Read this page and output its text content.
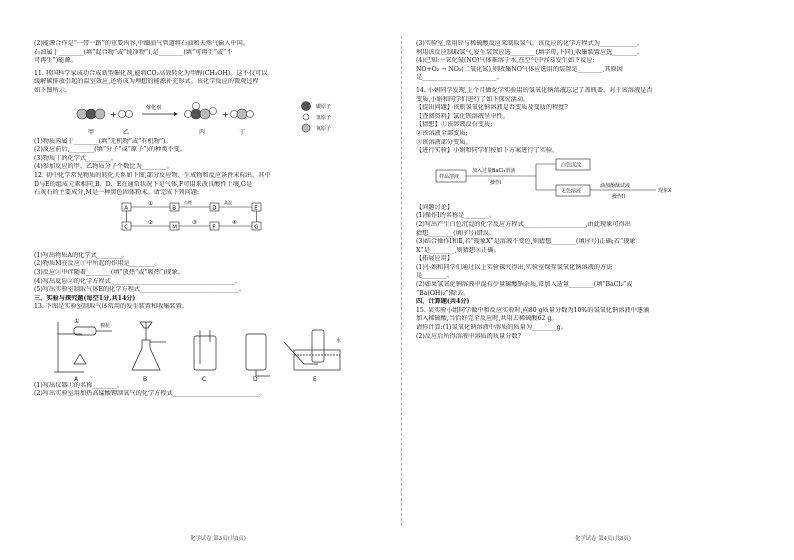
(2)能源合作是“一带一路”的重要内容,中缅油气管道将石油和天然气输入中国。
石油属于________(填“混合物”或“纯净物”),是________(填“可再生”或“不
可再生”)能源。
11. 我国科学家成功合成新型催化剂,能将CO₂高效转化为甲醇(CH₃OH)。这不仅可以
缓解碳排放引起的温室效应,还将成为理想的能源补充形式。该化学反应的微观过程
如下图所示。
+
甲	乙
催化剂
+
丙	丁
碳原子
氢原子
氧原子
(1)物质丙属于________(填“无机物”或“有机物”)。
(2)反应前后,________(填“分子”或“原子”)的种类不变。
(3)物质丁的化学式________。
(4)参加反应的甲、乙物质分子个数比为________。
12. 初中化学常见物质的转化关系如下图,部分反应物、生成物和反应条件未标出。其中
D与E的组成元素相同,B、D、E在通常状况下是气体,F可用来改良酸性土壤,G是
石灰石的主要成分,M是一种黑色固体粉末。请完成下列问题:
A
①
B
点燃
D
高温
E
C	M
②
F
③	④
G
(1)写出物质A的化学式________。
(2)物质M在反应①中所起的作用是________。
(3)反应③中伴随着________(填“放热”或“吸热”)现象。
(4)写出反应②的化学方程式________________________________________。
(5)写出实验室制取气体E的化学方程式________________________________。
三、实验与探究题(每空1分,共14分)
13. 下图是实验室制取气体常用的发生装置和收集装置。
①
棉花
A	B	C	D
水
E
(1)写出仪器①的名称________。
(2)写出实验室用加热高锰酸钾制氧气的化学方程式____________________________。
(3)实验室,常用锌与稀硫酸反应来制取氢气。该反应的化学方程式为____________。
利用该反应制取氢气,发生装置应选________(填字母,下同),收集装置应选________。
(4)已知:一氧化氮(NO)气体难溶于水,在空气中容易发生如下反应:
NO+O₂ → NO₂(二氧化氮),则收集NO气体应选用的装置是________,其原因
是________________________。
14. 小娟同学发现,上个月做化学实验用的氢氧化钠溶液忘记了盖瓶盖。对于该溶液是否
变质,小娟和同学们进行了如下探究活动。
【提出问题】该瓶氢氧化钠溶液是否变质及变质的程度?
【查阅资料】氯化钡溶液呈中性。
【猜想】①该溶液没有变质;
②该溶液全部变质;
③该溶液部分变质。
【进行实验】小娟和同学们按如下方案进行了实验。
样品溶液
加入过量BaCl₂溶液
操作I
白色沉淀
无色溶液
滴加酚酞试液
操作II
现象X
【问题讨论】
(1)操作I的名称是________。
(2)写出产生白色沉淀的化学反应方程式____________________,由此现象可得出
猜想________(填序号)错误。
(3)结合操作Ⅰ和Ⅱ,若“现象X”是溶液不变色,则猜想________(填序号)正确;若“现象
X”是________,则猜想③正确。
【拓展应用】
(1)小娟和同学们通过以上实验探究得出,实验室保存氢氧化钠溶液的方法
是________。
(2)如果氢氧化钠溶液中混有少量碳酸钠杂质,常加入适量________(填“BaCl₂”或
“Ba(OH)₂”)除去。
四、计算题(共4分)
15. 某实验小组同学做中和反应实验时,向80 g质量分数为10%的氢氧化钠溶液中逐滴
加入稀硫酸,当恰好完全反应时,共用去稀硫酸62 g。
请你计算:(1)氢氧化钠溶液中溶质的质量为________g。
(2)反应后所得溶液中溶质的质量分数?
化学试卷 第3页(共8页)	化学试卷 第4页(共8页)
